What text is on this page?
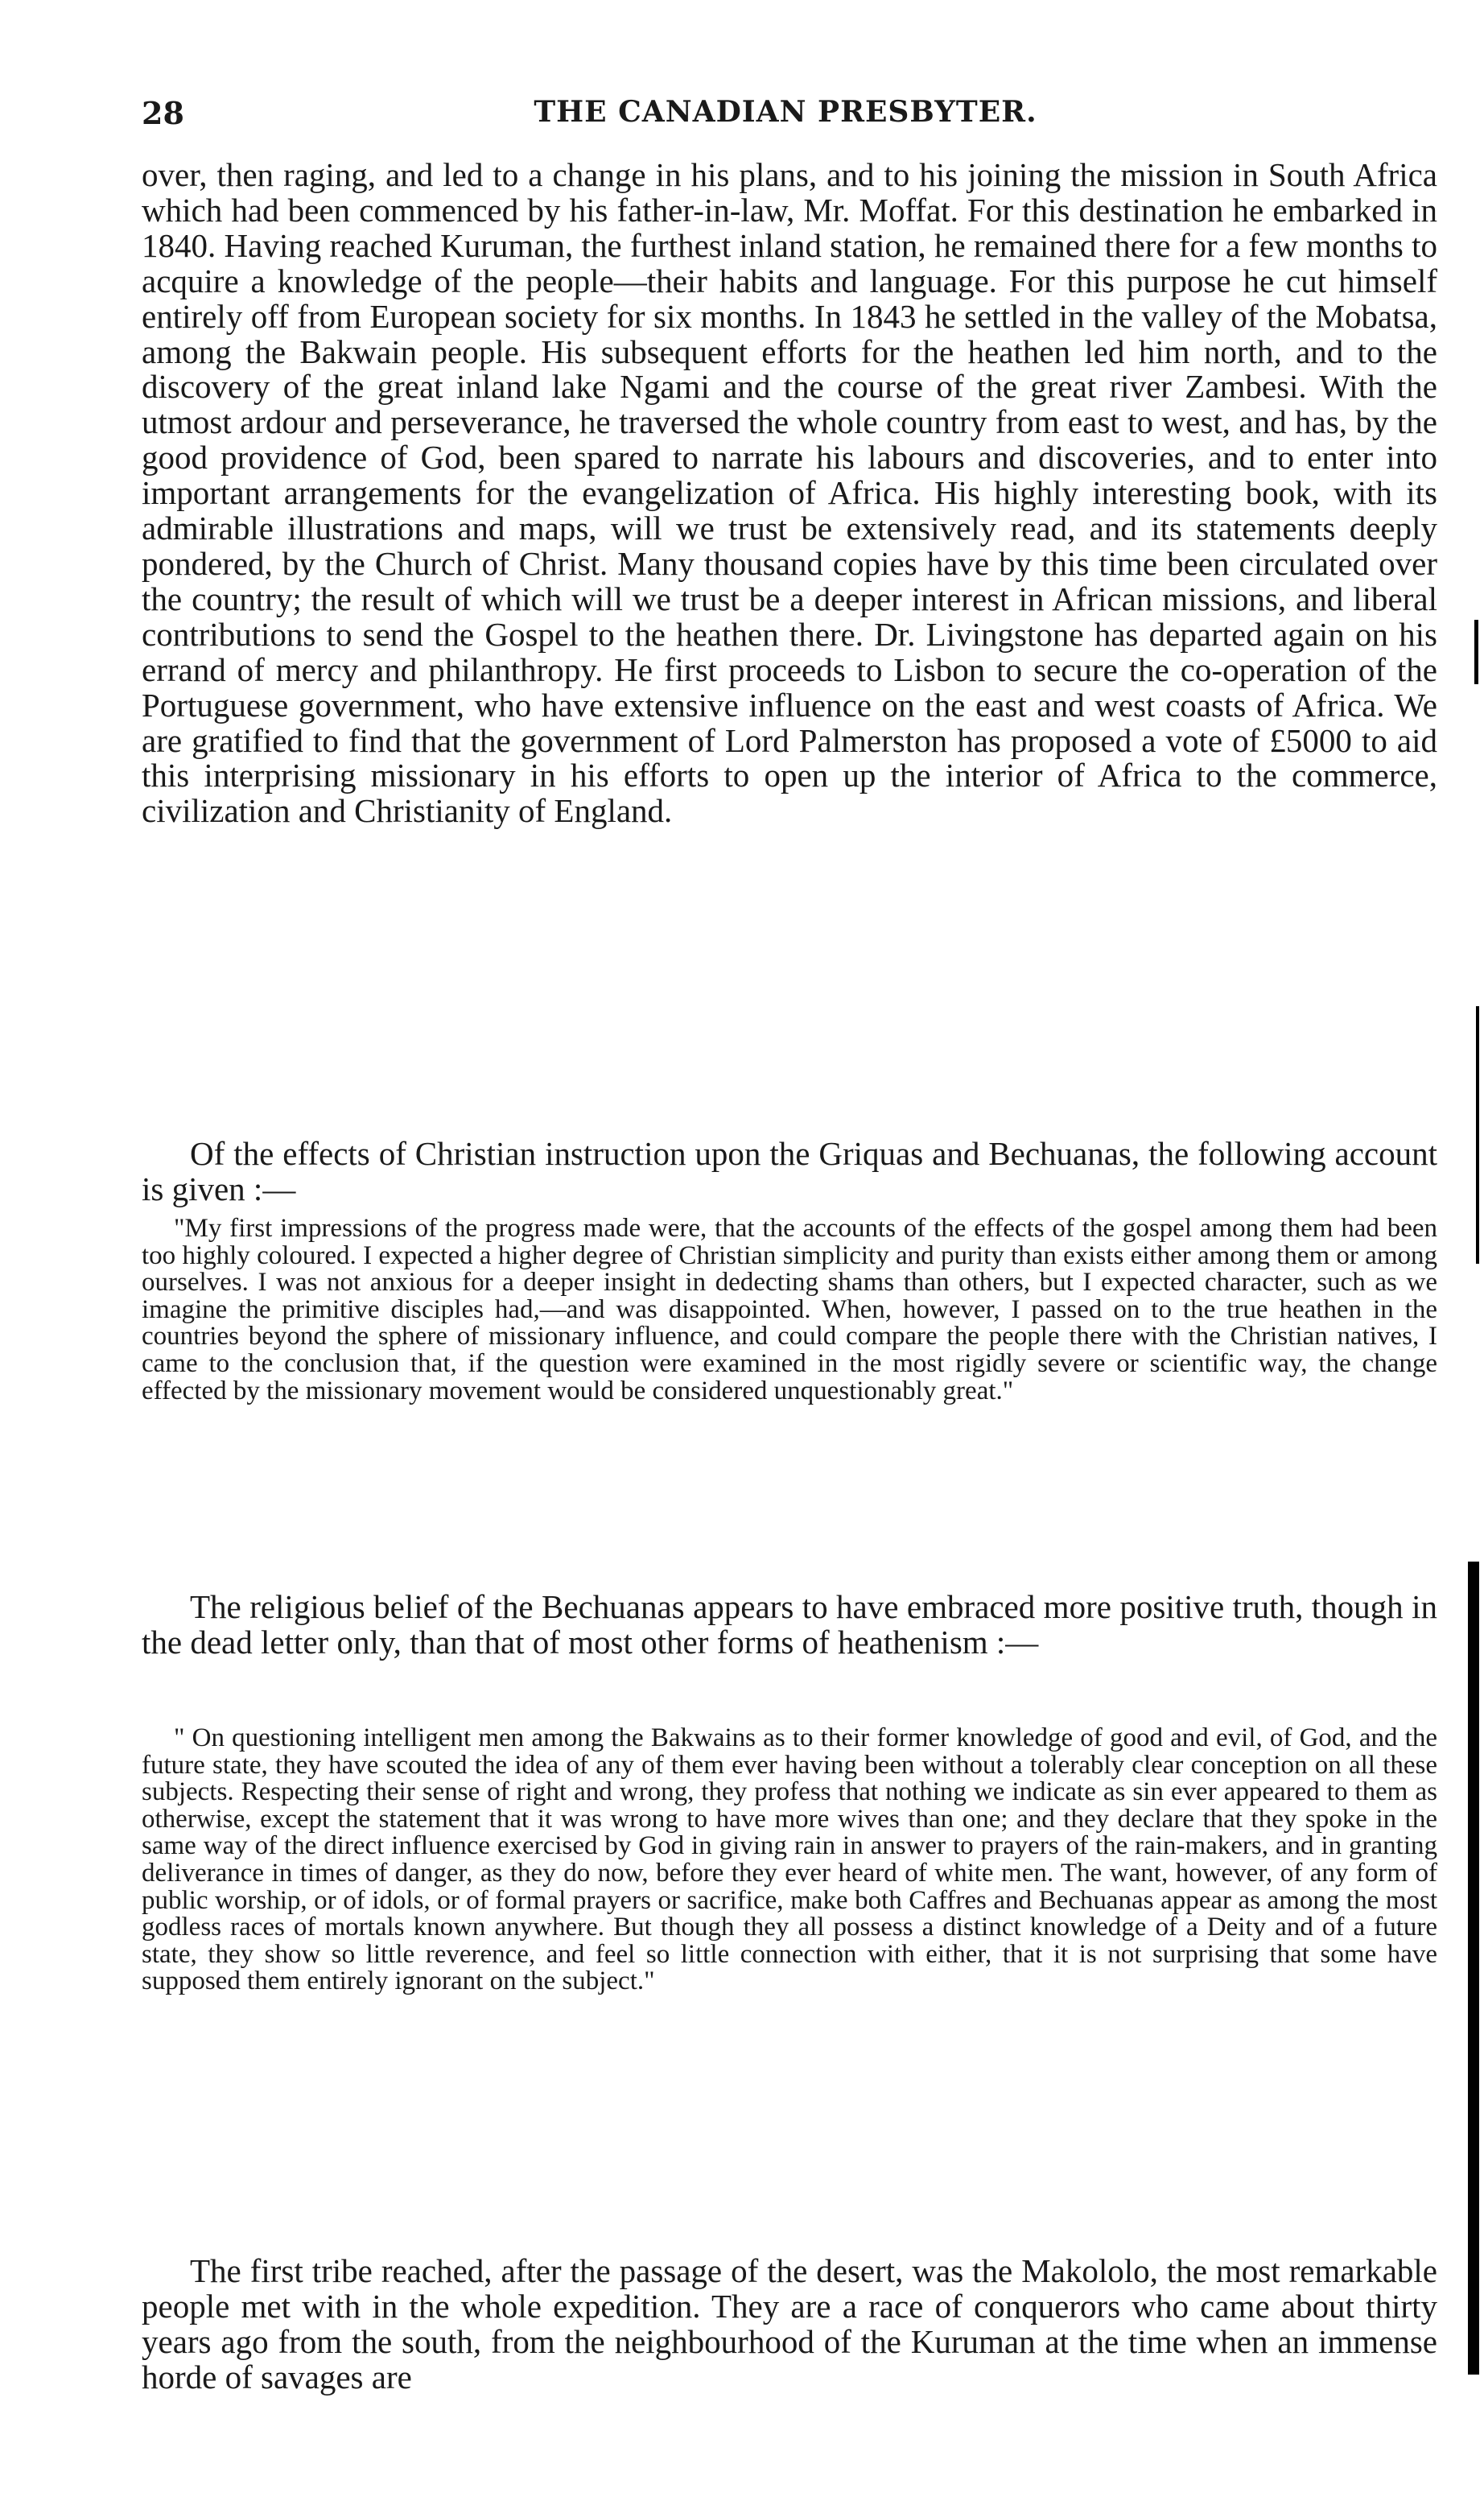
28	THE CANADIAN PRESBYTER.

over, then raging, and led to a change in his plans, and to his joining the mission in South Africa which had been commenced by his father-in-law, Mr. Moffat. For this destination he embarked in 1840. Having reached Kuruman, the furthest inland station, he remained there for a few months to acquire a knowledge of the people—their habits and language. For this purpose he cut himself entirely off from European society for six months. In 1843 he settled in the valley of the Mobatsa, among the Bakwain people. His subsequent efforts for the heathen led him north, and to the discovery of the great inland lake Ngami and the course of the great river Zambesi. With the utmost ardour and perseverance, he traversed the whole country from east to west, and has, by the good providence of God, been spared to narrate his labours and discoveries, and to enter into important arrangements for the evangelization of Africa. His highly interesting book, with its admirable illustrations and maps, will we trust be extensively read, and its statements deeply pondered, by the Church of Christ. Many thousand copies have by this time been circulated over the country; the result of which will we trust be a deeper interest in African missions, and liberal contributions to send the Gospel to the heathen there. Dr. Livingstone has departed again on his errand of mercy and philanthropy. He first proceeds to Lisbon to secure the co-operation of the Portuguese government, who have extensive influence on the east and west coasts of Africa. We are gratified to find that the government of Lord Palmerston has proposed a vote of £5000 to aid this interprising missionary in his efforts to open up the interior of Africa to the commerce, civilization and Christianity of England.

Of the effects of Christian instruction upon the Griquas and Bechuanas, the following account is given :—

"My first impressions of the progress made were, that the accounts of the effects of the gospel among them had been too highly coloured. I expected a higher degree of Christian simplicity and purity than exists either among them or among ourselves. I was not anxious for a deeper insight in dedecting shams than others, but I expected character, such as we imagine the primitive disciples had,—and was disappointed. When, however, I passed on to the true heathen in the countries beyond the sphere of missionary influence, and could compare the people there with the Christian natives, I came to the conclusion that, if the question were examined in the most rigidly severe or scientific way, the change effected by the missionary movement would be considered unquestionably great."

The religious belief of the Bechuanas appears to have embraced more positive truth, though in the dead letter only, than that of most other forms of heathenism :—

" On questioning intelligent men among the Bakwains as to their former knowledge of good and evil, of God, and the future state, they have scouted the idea of any of them ever having been without a tolerably clear conception on all these subjects. Respecting their sense of right and wrong, they profess that nothing we indicate as sin ever appeared to them as otherwise, except the statement that it was wrong to have more wives than one; and they declare that they spoke in the same way of the direct influence exercised by God in giving rain in answer to prayers of the rain-makers, and in granting deliverance in times of danger, as they do now, before they ever heard of white men. The want, however, of any form of public worship, or of idols, or of formal prayers or sacrifice, make both Caffres and Bechuanas appear as among the most godless races of mortals known anywhere. But though they all possess a distinct knowledge of a Deity and of a future state, they show so little reverence, and feel so little connection with either, that it is not surprising that some have supposed them entirely ignorant on the subject."

The first tribe reached, after the passage of the desert, was the Makololo, the most remarkable people met with in the whole expedition. They are a race of conquerors who came about thirty years ago from the south, from the neighbourhood of the Kuruman at the time when an immense horde of savages are
